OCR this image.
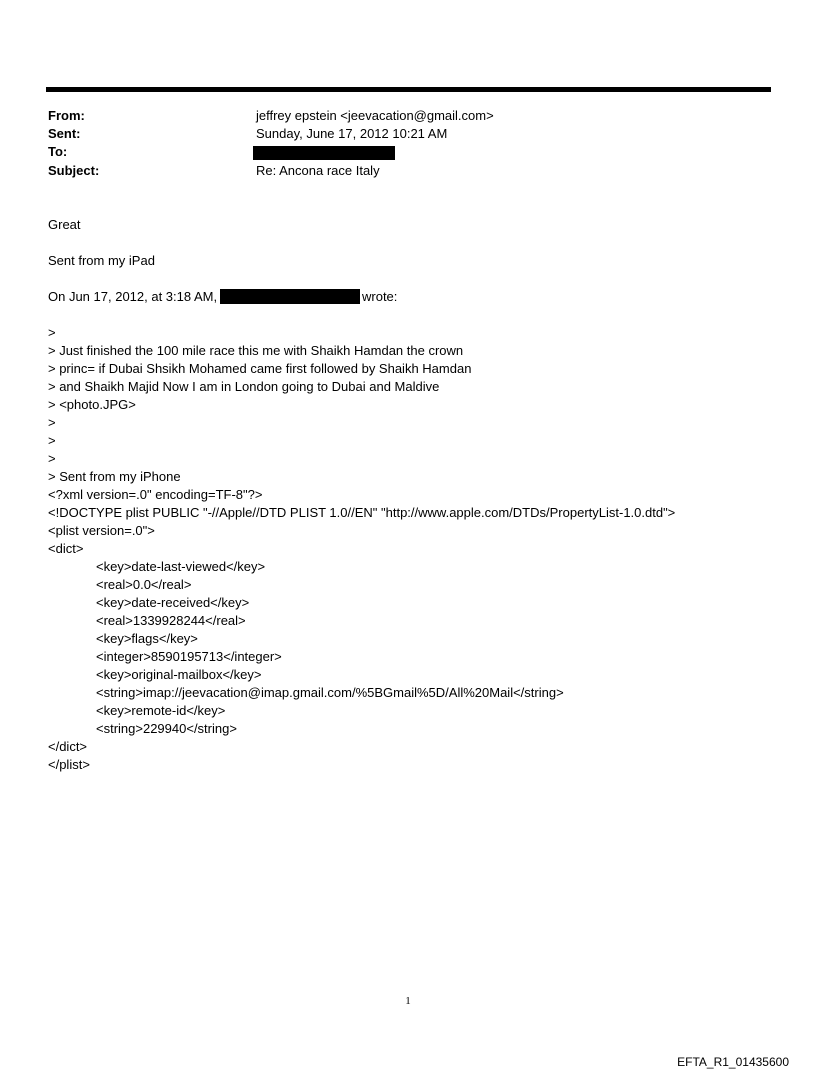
From:	jeffrey epstein <jeevacation@gmail.com>
Sent:	Sunday, June 17, 2012 10:21 AM
To:
Subject:	Re: Ancona race Italy
Great
Sent from my iPad
On Jun 17, 2012, at 3:18 AM,	wrote:
>
> Just finished the 100 mile race this me with Shaikh Hamdan the crown
> princ= if Dubai Shsikh Mohamed came first followed by Shaikh Hamdan
> and Shaikh Majid Now I am in London going to Dubai and Maldive
> <photo.JPG>
>
>
>
> Sent from my iPhone
<?xml version=.0" encoding=TF-8"?>
<!DOCTYPE plist PUBLIC "-//Apple//DTD PLIST 1.0//EN" "http://www.apple.com/DTDs/PropertyList-1.0.dtd">
<plist version=.0">
<dict>
<key>date-last-viewed</key>
<real>0.0</real>
<key>date-received</key>
<real>1339928244</real>
<key>flags</key>
<integer>8590195713</integer>
<key>original-mailbox</key>
<string>imap://jeevacation@imap.gmail.com/%5BGmail%5D/All%20Mail</string>
<key>remote-id</key>
<string>229940</string>
</dict>
</plist>
1
EFTA_R1_01435600
